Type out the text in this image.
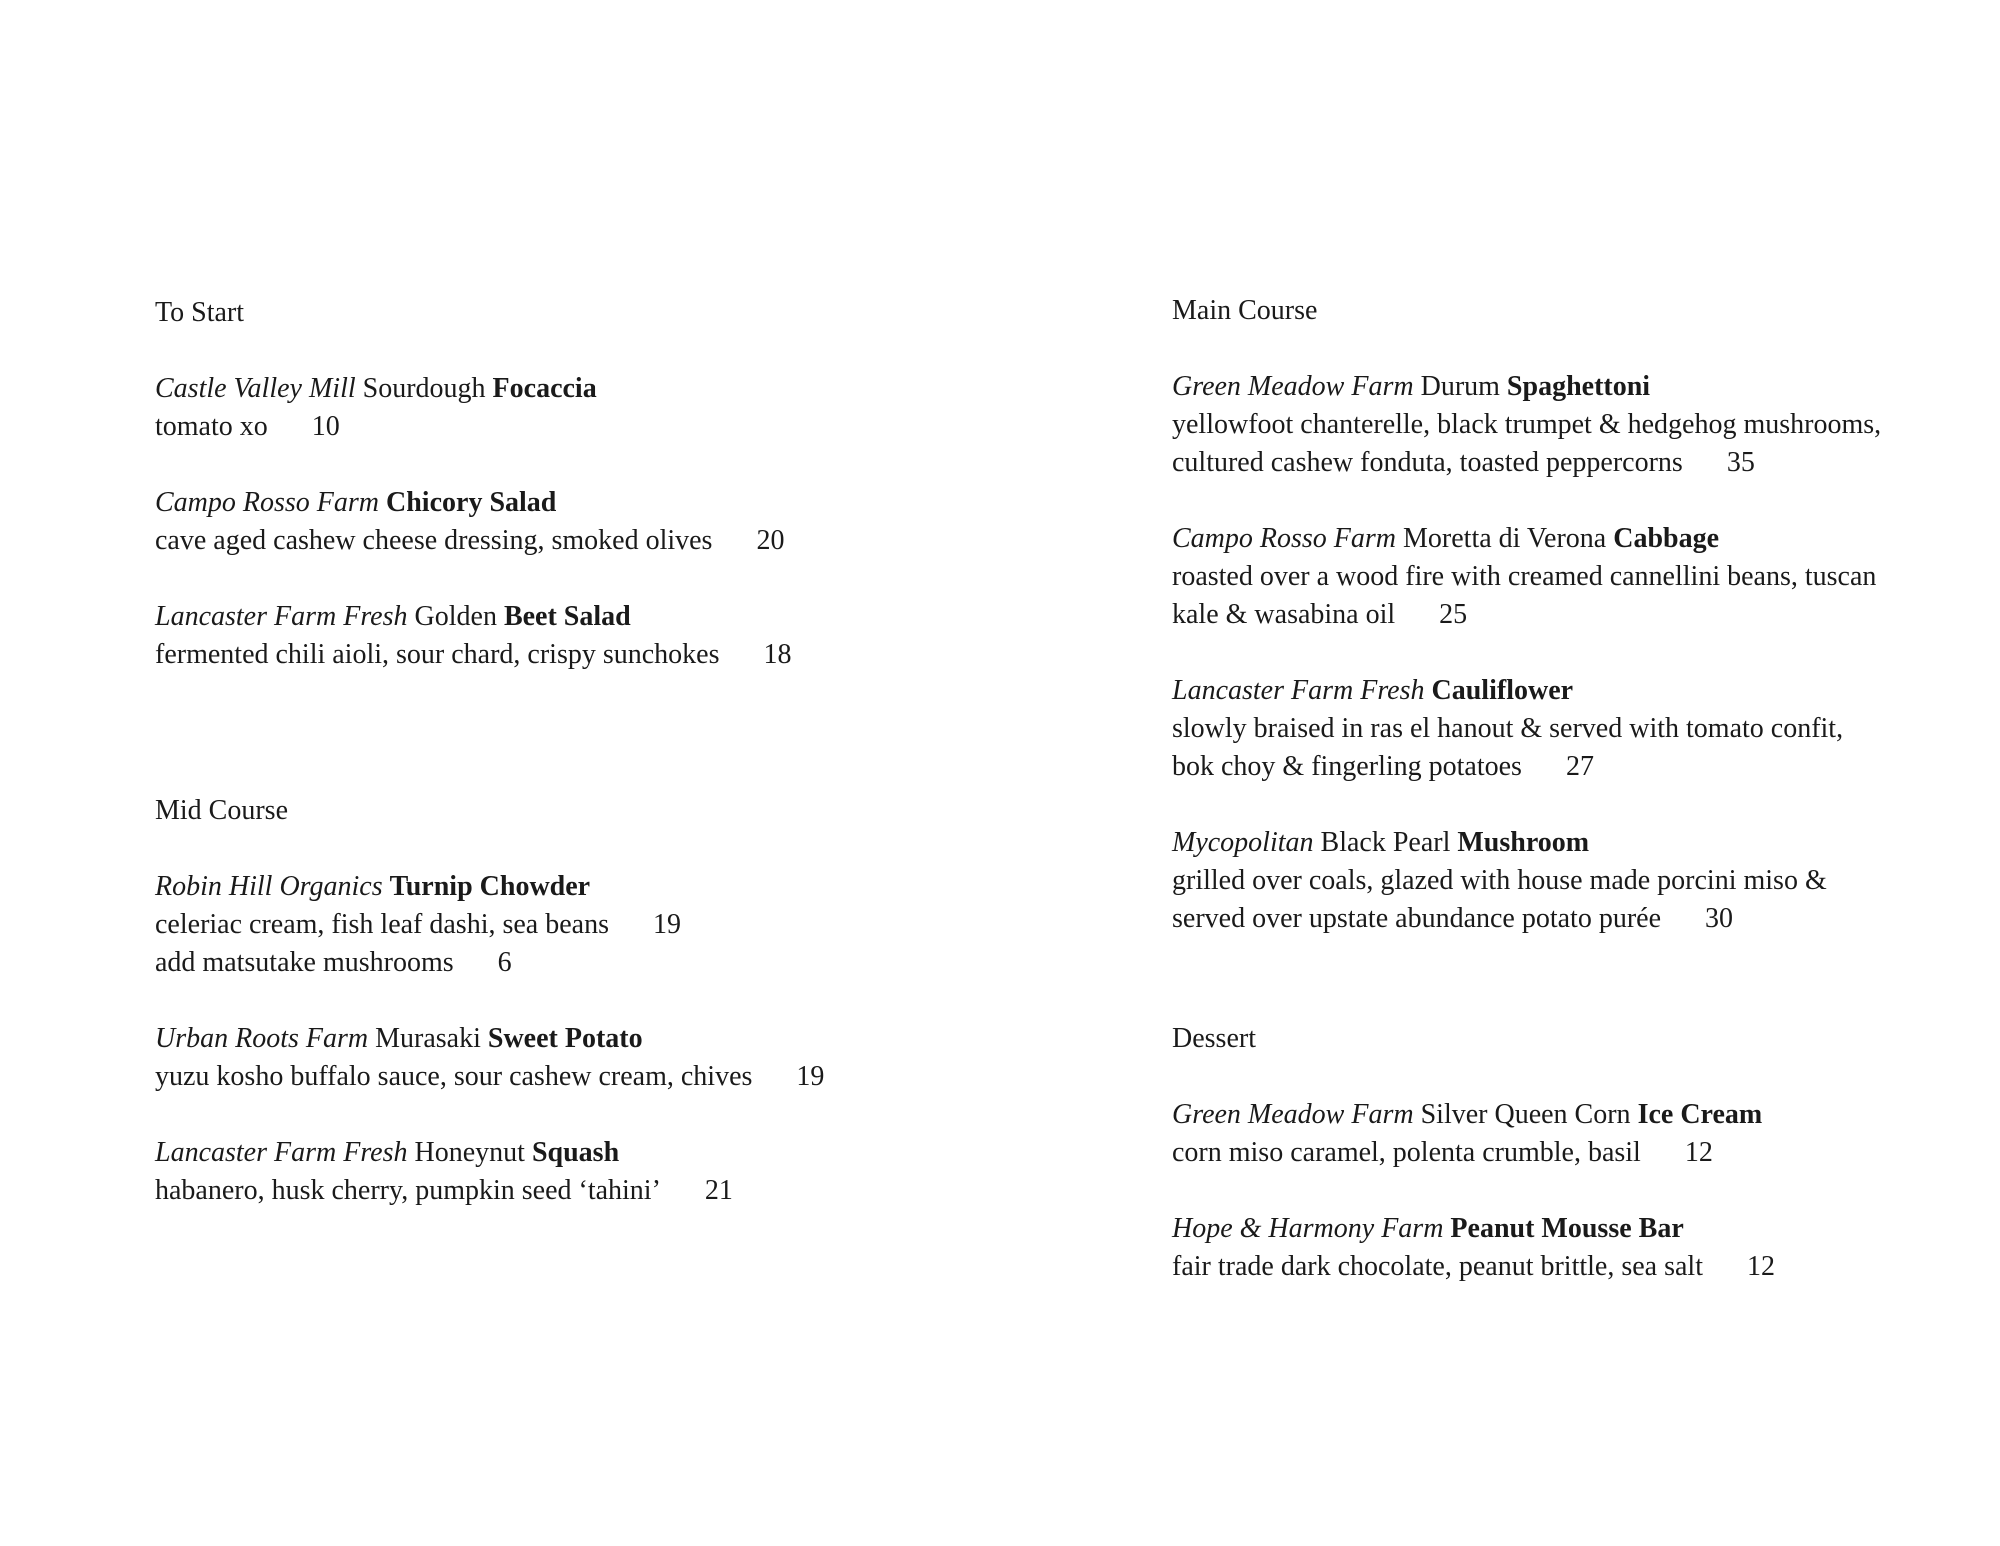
To Start
Castle Valley Mill Sourdough Focaccia
tomato xo 10
Campo Rosso Farm Chicory Salad
cave aged cashew cheese dressing, smoked olives 20
Lancaster Farm Fresh Golden Beet Salad
fermented chili aioli, sour chard, crispy sunchokes 18
Mid Course
Robin Hill Organics Turnip Chowder
celeriac cream, fish leaf dashi, sea beans 19
add matsutake mushrooms 6
Urban Roots Farm Murasaki Sweet Potato
yuzu kosho buffalo sauce, sour cashew cream, chives 19
Lancaster Farm Fresh Honeynut Squash
habanero, husk cherry, pumpkin seed ‘tahini’ 21
Main Course
Green Meadow Farm Durum Spaghettoni
yellowfoot chanterelle, black trumpet & hedgehog mushrooms,
cultured cashew fonduta, toasted peppercorns 35
Campo Rosso Farm Moretta di Verona Cabbage
roasted over a wood fire with creamed cannellini beans, tuscan
kale & wasabina oil 25
Lancaster Farm Fresh Cauliflower
slowly braised in ras el hanout & served with tomato confit,
bok choy & fingerling potatoes 27
Mycopolitan Black Pearl Mushroom
grilled over coals, glazed with house made porcini miso &
served over upstate abundance potato purée 30
Dessert
Green Meadow Farm Silver Queen Corn Ice Cream
corn miso caramel, polenta crumble, basil 12
Hope & Harmony Farm Peanut Mousse Bar
fair trade dark chocolate, peanut brittle, sea salt 12
